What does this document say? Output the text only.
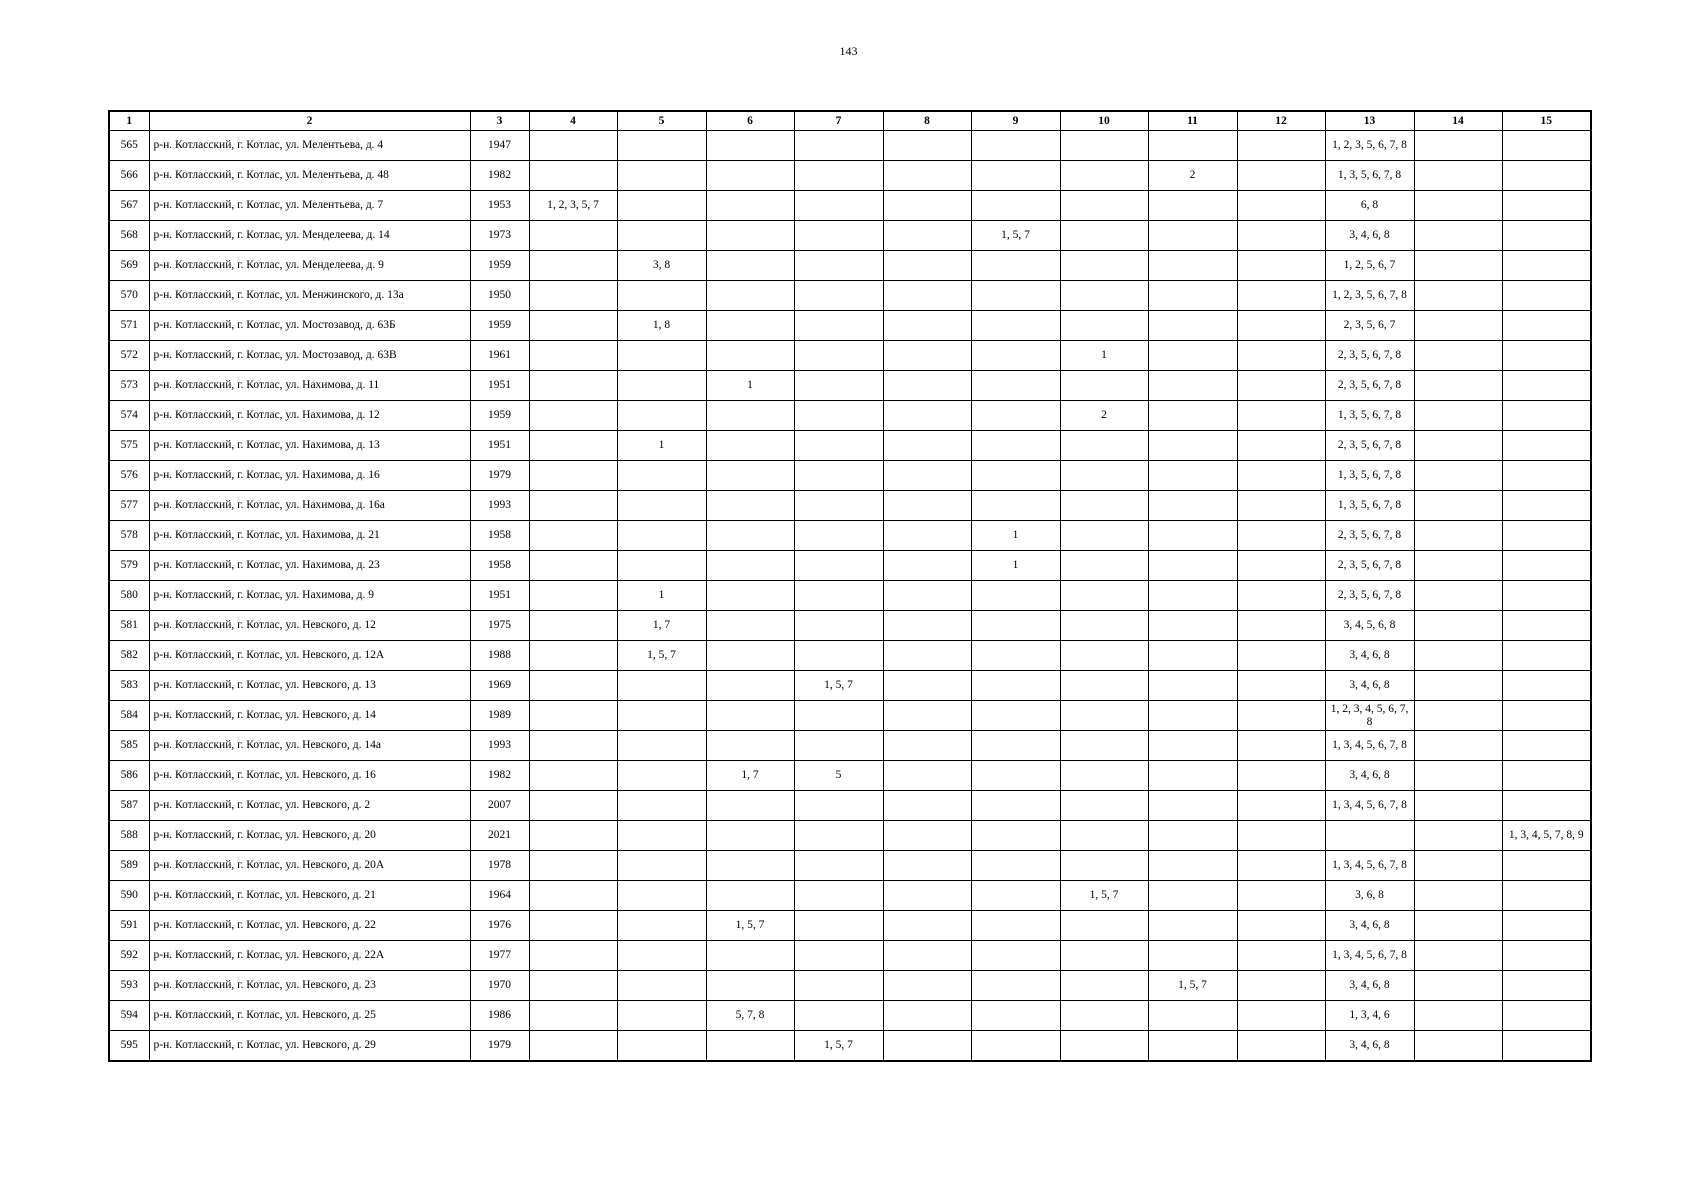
143
1	2	3	4	5	6	7	8	9	10	11	12	13	14	15
565	р-н. Котласский, г. Котлас, ул. Мелентьева, д. 4	1947										1, 2, 3, 5, 6, 7, 8		
566	р-н. Котласский, г. Котлас, ул. Мелентьева, д. 48	1982								2		1, 3, 5, 6, 7, 8		
567	р-н. Котласский, г. Котлас, ул. Мелентьева, д. 7	1953	1, 2, 3, 5, 7									6, 8		
568	р-н. Котласский, г. Котлас, ул. Менделеева, д. 14	1973						1, 5, 7				3, 4, 6, 8		
569	р-н. Котласский, г. Котлас, ул. Менделеева, д. 9	1959		3, 8								1, 2, 5, 6, 7		
570	р-н. Котласский, г. Котлас, ул. Менжинского, д. 13а	1950										1, 2, 3, 5, 6, 7, 8		
571	р-н. Котласский, г. Котлас, ул. Мостозавод, д. 63Б	1959		1, 8								2, 3, 5, 6, 7		
572	р-н. Котласский, г. Котлас, ул. Мостозавод, д. 63В	1961							1			2, 3, 5, 6, 7, 8		
573	р-н. Котласский, г. Котлас, ул. Нахимова, д. 11	1951			1							2, 3, 5, 6, 7, 8		
574	р-н. Котласский, г. Котлас, ул. Нахимова, д. 12	1959							2			1, 3, 5, 6, 7, 8		
575	р-н. Котласский, г. Котлас, ул. Нахимова, д. 13	1951		1								2, 3, 5, 6, 7, 8		
576	р-н. Котласский, г. Котлас, ул. Нахимова, д. 16	1979										1, 3, 5, 6, 7, 8		
577	р-н. Котласский, г. Котлас, ул. Нахимова, д. 16а	1993										1, 3, 5, 6, 7, 8		
578	р-н. Котласский, г. Котлас, ул. Нахимова, д. 21	1958						1				2, 3, 5, 6, 7, 8		
579	р-н. Котласский, г. Котлас, ул. Нахимова, д. 23	1958						1				2, 3, 5, 6, 7, 8		
580	р-н. Котласский, г. Котлас, ул. Нахимова, д. 9	1951		1								2, 3, 5, 6, 7, 8		
581	р-н. Котласский, г. Котлас, ул. Невского, д. 12	1975		1, 7								3, 4, 5, 6, 8		
582	р-н. Котласский, г. Котлас, ул. Невского, д. 12А	1988		1, 5, 7								3, 4, 6, 8		
583	р-н. Котласский, г. Котлас, ул. Невского, д. 13	1969				1, 5, 7						3, 4, 6, 8		
584	р-н. Котласский, г. Котлас, ул. Невского, д. 14	1989										1, 2, 3, 4, 5, 6, 7, 8		
585	р-н. Котласский, г. Котлас, ул. Невского, д. 14а	1993										1, 3, 4, 5, 6, 7, 8		
586	р-н. Котласский, г. Котлас, ул. Невского, д. 16	1982			1, 7	5						3, 4, 6, 8		
587	р-н. Котласский, г. Котлас, ул. Невского, д. 2	2007										1, 3, 4, 5, 6, 7, 8		
588	р-н. Котласский, г. Котлас, ул. Невского, д. 20	2021												1, 3, 4, 5, 7, 8, 9
589	р-н. Котласский, г. Котлас, ул. Невского, д. 20А	1978										1, 3, 4, 5, 6, 7, 8		
590	р-н. Котласский, г. Котлас, ул. Невского, д. 21	1964							1, 5, 7			3, 6, 8		
591	р-н. Котласский, г. Котлас, ул. Невского, д. 22	1976			1, 5, 7							3, 4, 6, 8		
592	р-н. Котласский, г. Котлас, ул. Невского, д. 22А	1977										1, 3, 4, 5, 6, 7, 8		
593	р-н. Котласский, г. Котлас, ул. Невского, д. 23	1970								1, 5, 7		3, 4, 6, 8		
594	р-н. Котласский, г. Котлас, ул. Невского, д. 25	1986			5, 7, 8							1, 3, 4, 6		
595	р-н. Котласский, г. Котлас, ул. Невского, д. 29	1979				1, 5, 7						3, 4, 6, 8		
